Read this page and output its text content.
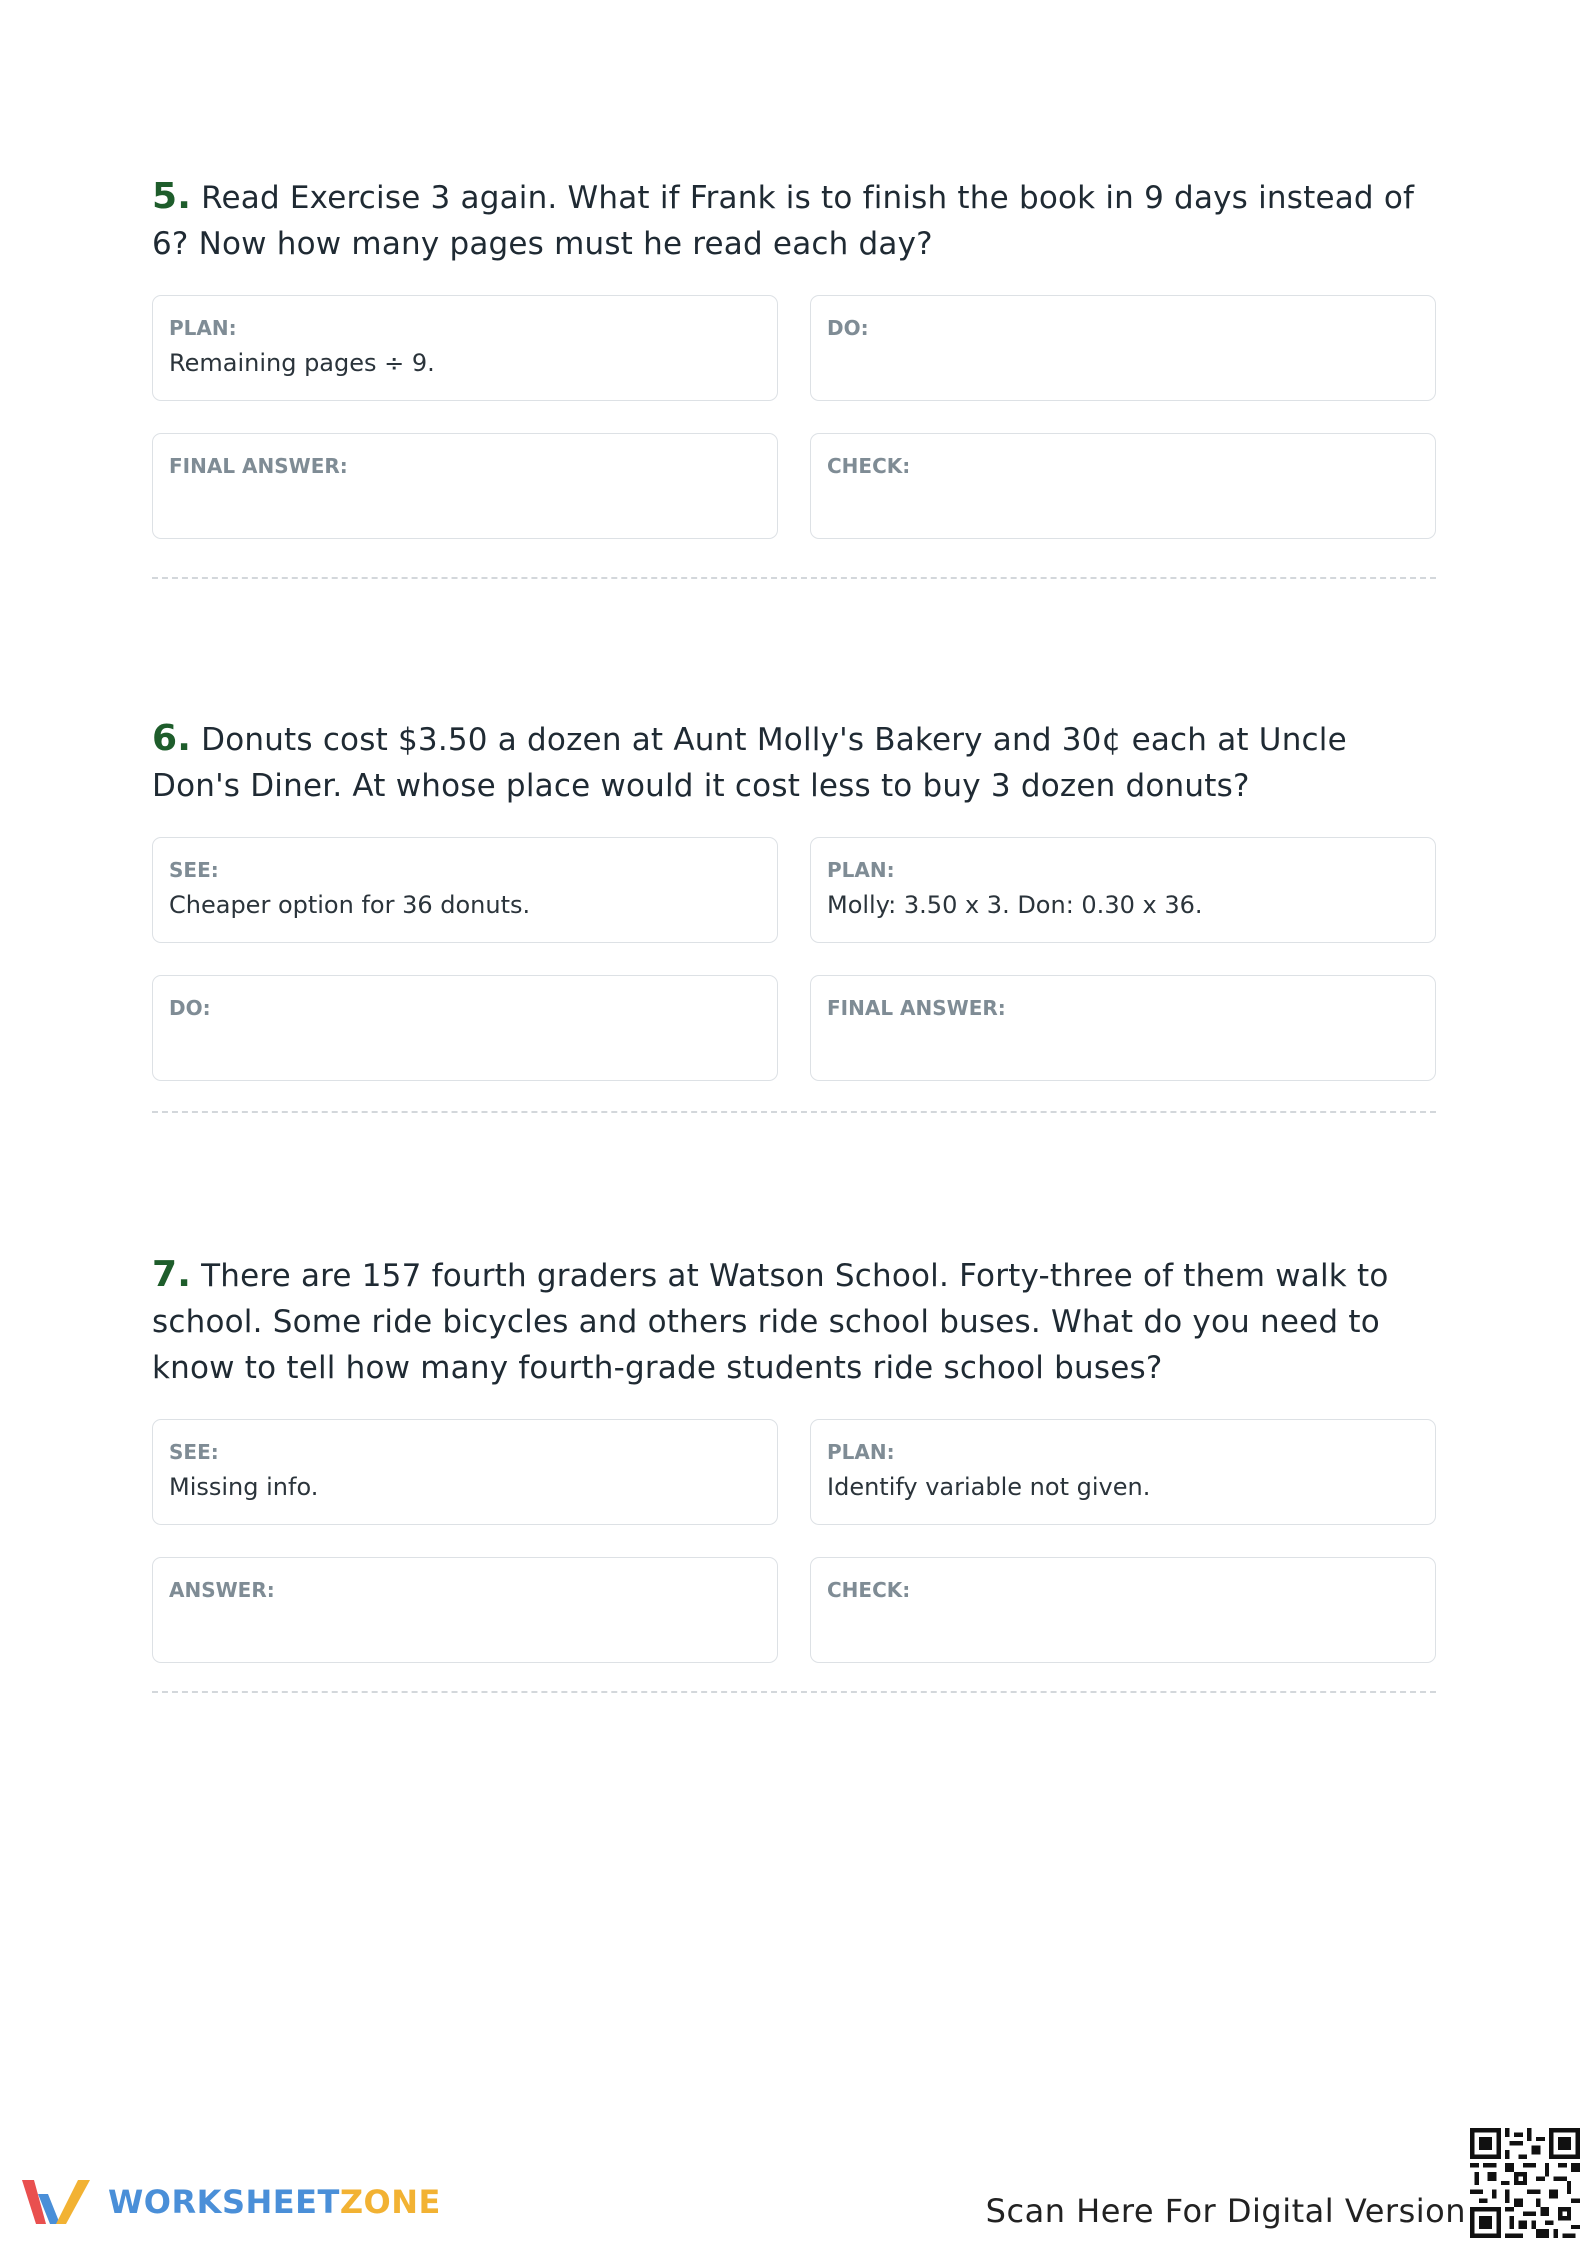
5. Read Exercise 3 again. What if Frank is to finish the book in 9 days instead of 6? Now how many pages must he read each day?

PLAN:
Remaining pages ÷ 9.
DO:
FINAL ANSWER:	CHECK:

6. Donuts cost $3.50 a dozen at Aunt Molly's Bakery and 30¢ each at Uncle Don's Diner. At whose place would it cost less to buy 3 dozen donuts?

SEE:
Cheaper option for 36 donuts.
PLAN:
Molly: 3.50 x 3. Don: 0.30 x 36.
DO:	FINAL ANSWER:

7. There are 157 fourth graders at Watson School. Forty-three of them walk to school. Some ride bicycles and others ride school buses. What do you need to know to tell how many fourth-grade students ride school buses?

SEE:
Missing info.
PLAN:
Identify variable not given.
ANSWER:	CHECK:
WORKSHEETZONE	Scan Here For Digital Version
